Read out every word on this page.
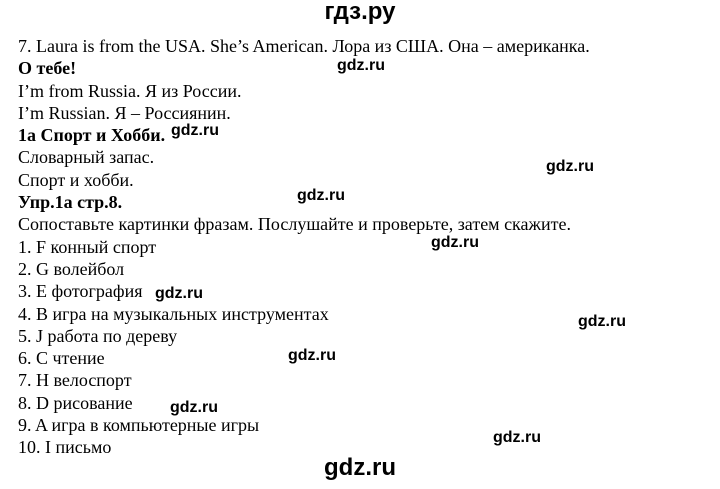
гдз.ру
7. Laura is from the USA. She’s American. Лора из США. Она – американка.
О тебе!
I’m from Russia. Я из России.
I’m Russian. Я – Россиянин.
1a Спорт и Хобби.
Словарный запас.
Спорт и хобби.
Упр.1a стр.8.
Сопоставьте картинки фразам. Послушайте и проверьте, затем скажите.
1. F конный спорт
2. G волейбол
3. E фотография
4. B игра на музыкальных инструментах
5. J работа по дереву
6. C чтение
7. H велоспорт
8. D рисование
9. A игра в компьютерные игры
10. I письмо
gdz.ru
gdz.ru
gdz.ru
gdz.ru
gdz.ru
gdz.ru
gdz.ru
gdz.ru
gdz.ru
gdz.ru
gdz.ru
